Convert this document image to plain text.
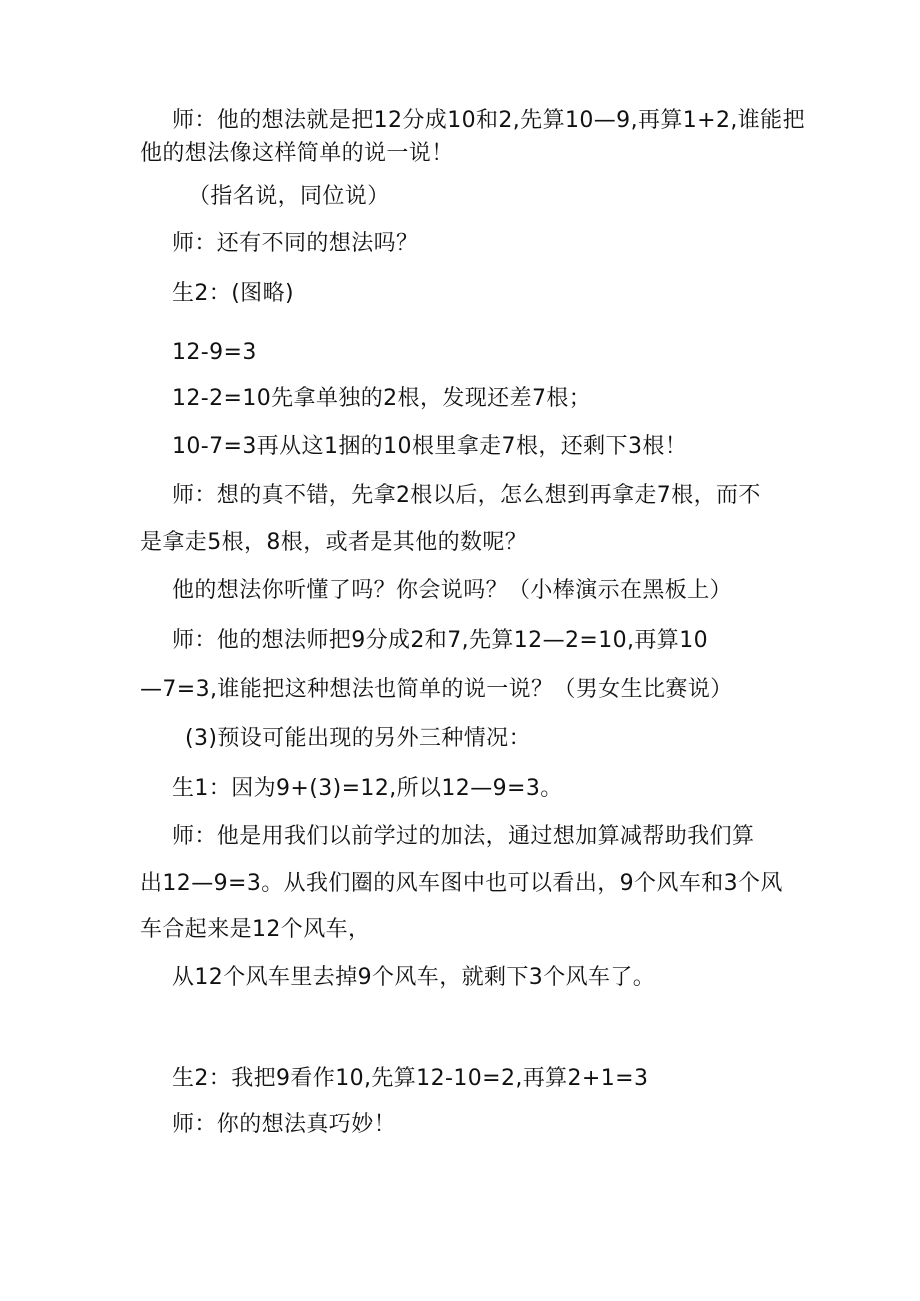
师：他的想法就是把12分成10和2,先算10—9,再算1+2,谁能把
他的想法像这样简单的说一说！
（指名说，同位说）
师：还有不同的想法吗？
生2：(图略)
12-9=3
12-2=10先拿单独的2根，发现还差7根；
10-7=3再从这1捆的10根里拿走7根，还剩下3根！
师：想的真不错，先拿2根以后，怎么想到再拿走7根，而不
是拿走5根，8根，或者是其他的数呢？
他的想法你听懂了吗？你会说吗？（小棒演示在黑板上）
师：他的想法师把9分成2和7,先算12—2=10,再算10
—7=3,谁能把这种想法也简单的说一说？（男女生比赛说）
(3)预设可能出现的另外三种情况：
生1：因为9+(3)=12,所以12—9=3。
师：他是用我们以前学过的加法，通过想加算减帮助我们算
出12—9=3。从我们圈的风车图中也可以看出，9个风车和3个风
车合起来是12个风车，
从12个风车里去掉9个风车，就剩下3个风车了。
生2：我把9看作10,先算12-10=2,再算2+1=3
师：你的想法真巧妙！
